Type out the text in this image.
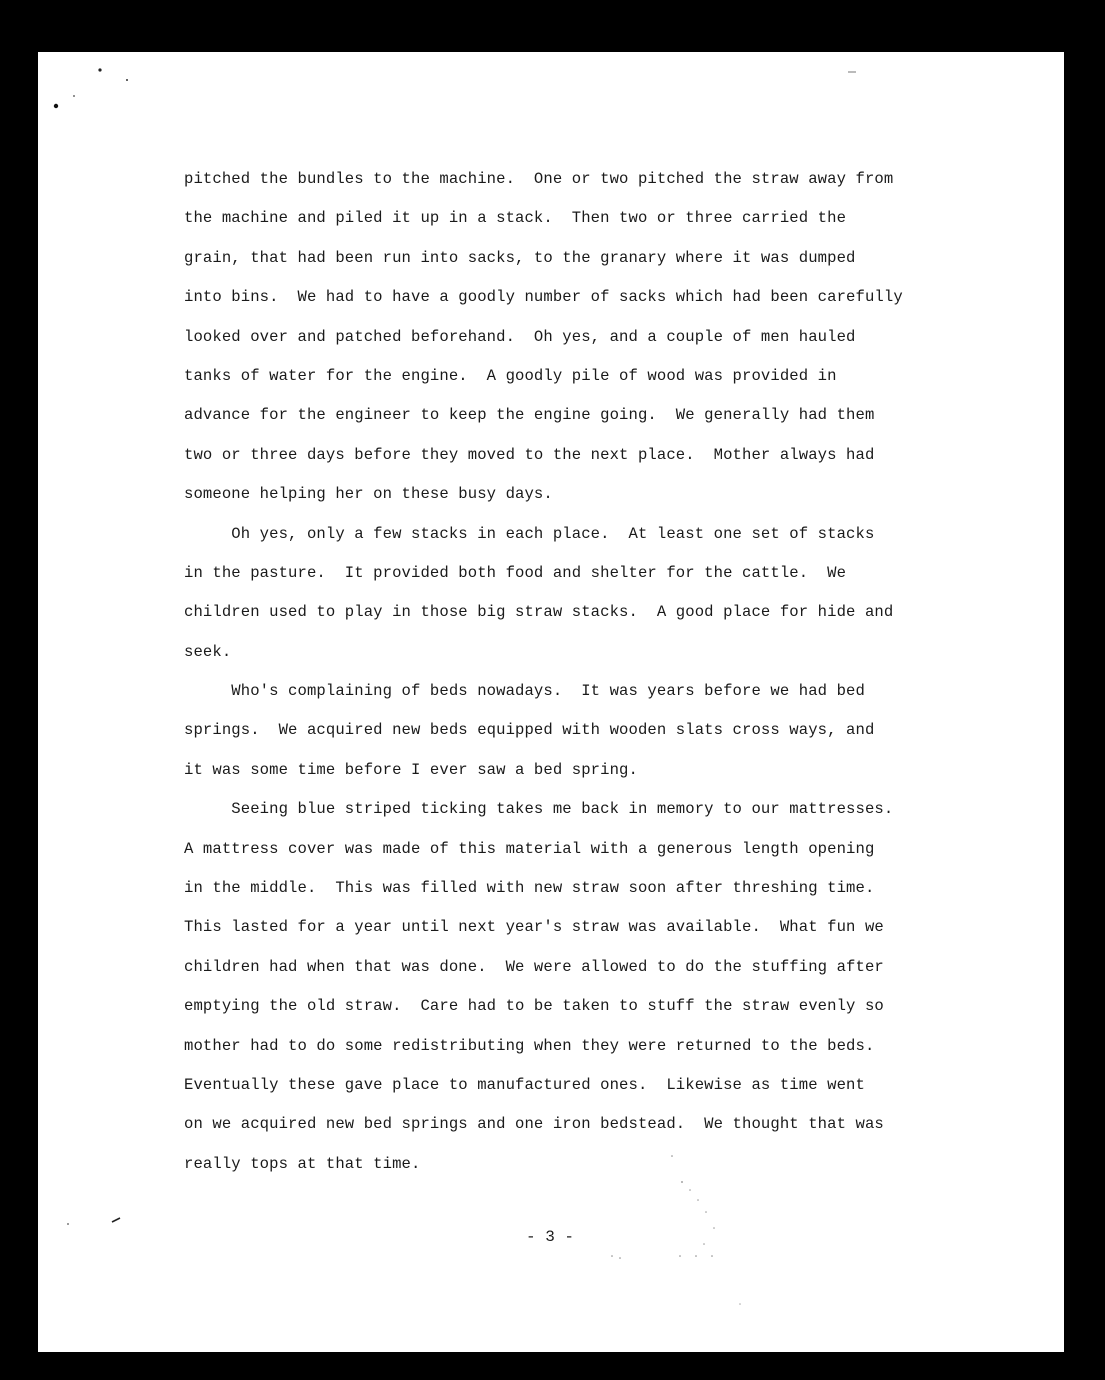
pitched the bundles to the machine.  One or two pitched the straw away from
the machine and piled it up in a stack.  Then two or three carried the
grain, that had been run into sacks, to the granary where it was dumped
into bins.  We had to have a goodly number of sacks which had been carefully
looked over and patched beforehand.  Oh yes, and a couple of men hauled
tanks of water for the engine.  A goodly pile of wood was provided in
advance for the engineer to keep the engine going.  We generally had them
two or three days before they moved to the next place.  Mother always had
someone helping her on these busy days.
Oh yes, only a few stacks in each place.  At least one set of stacks
in the pasture.  It provided both food and shelter for the cattle.  We
children used to play in those big straw stacks.  A good place for hide and
seek.
Who's complaining of beds nowadays.  It was years before we had bed
springs.  We acquired new beds equipped with wooden slats cross ways, and
it was some time before I ever saw a bed spring.
Seeing blue striped ticking takes me back in memory to our mattresses.
A mattress cover was made of this material with a generous length opening
in the middle.  This was filled with new straw soon after threshing time.
This lasted for a year until next year's straw was available.  What fun we
children had when that was done.  We were allowed to do the stuffing after
emptying the old straw.  Care had to be taken to stuff the straw evenly so
mother had to do some redistributing when they were returned to the beds.
Eventually these gave place to manufactured ones.  Likewise as time went
on we acquired new bed springs and one iron bedstead.  We thought that was
really tops at that time.
- 3 -
